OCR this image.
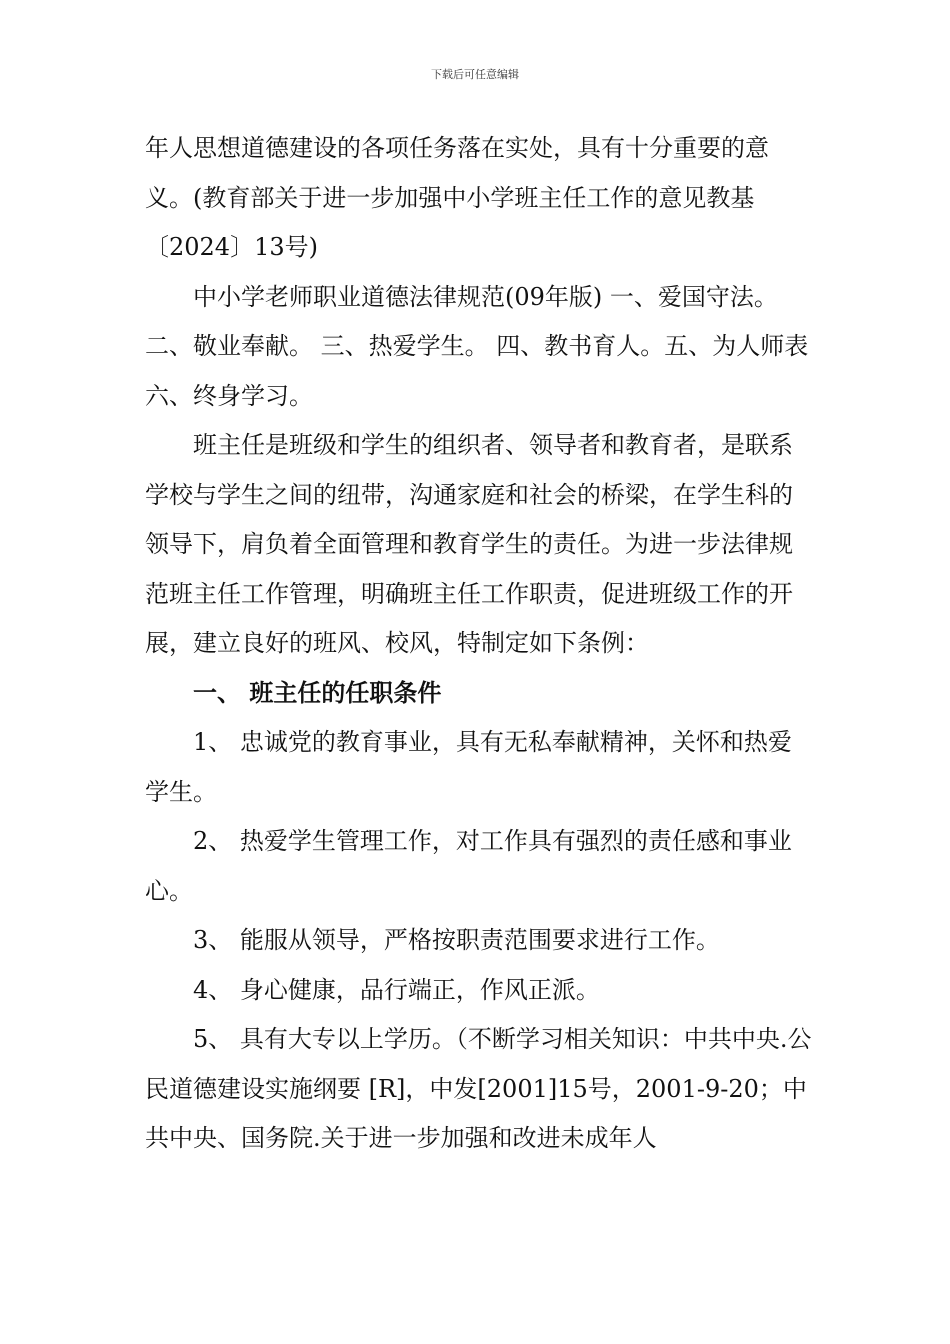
下载后可任意编辑

年人思想道德建设的各项任务落在实处，具有十分重要的意义。(教育部关于进一步加强中小学班主任工作的意见教基〔2024〕13号)

中小学老师职业道德法律规范(09年版) 一、爱国守法。 二、敬业奉献。 三、热爱学生。 四、教书育人。五、为人师表六、终身学习。

班主任是班级和学生的组织者、领导者和教育者，是联系学校与学生之间的纽带，沟通家庭和社会的桥梁，在学生科的领导下，肩负着全面管理和教育学生的责任。为进一步法律规范班主任工作管理，明确班主任工作职责，促进班级工作的开展，建立良好的班风、校风，特制定如下条例：

一、 班主任的任职条件

1、 忠诚党的教育事业，具有无私奉献精神，关怀和热爱学生。

2、 热爱学生管理工作，对工作具有强烈的责任感和事业心。

3、 能服从领导，严格按职责范围要求进行工作。

4、 身心健康，品行端正，作风正派。

5、 具有大专以上学历。（不断学习相关知识：中共中央.公民道德建设实施纲要 [R]，中发[2001]15号，2001-9-20；中共中央、国务院.关于进一步加强和改进未成年人
